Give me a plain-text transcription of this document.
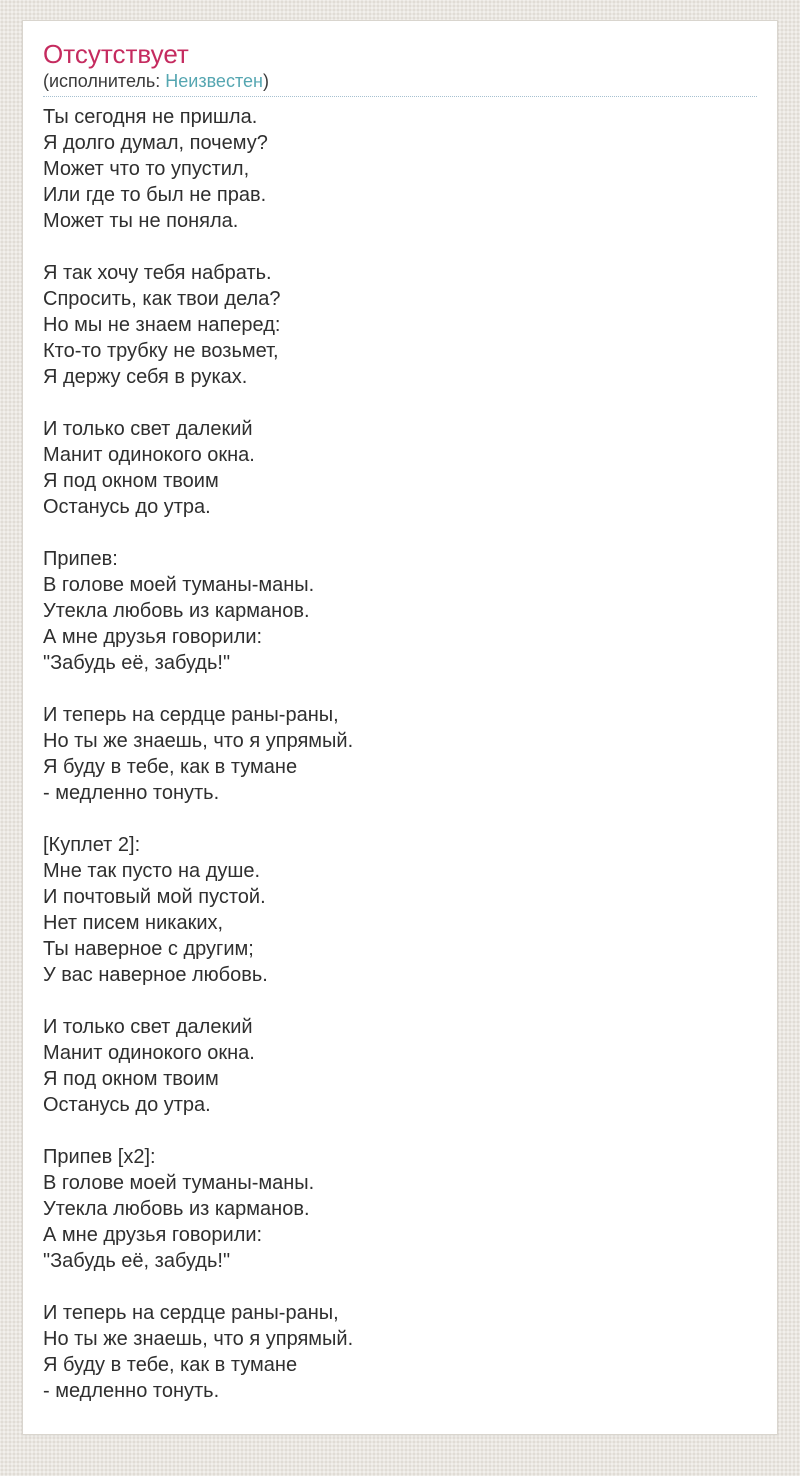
Отсутствует
(исполнитель: Неизвестен)
Ты сегодня не пришла.
Я долго думал, почему?
Может что то упустил,
Или где то был не прав.
Может ты не поняла.
Я так хочу тебя набрать.
Спросить, как твои дела?
Но мы не знаем наперед:
Кто-то трубку не возьмет,
Я держу себя в руках.
И только свет далекий
Манит одинокого окна.
Я под окном твоим
Останусь до утра.
Припев:
В голове моей туманы-маны.
Утекла любовь из карманов.
А мне друзья говорили:
"Забудь её, забудь!"
И теперь на сердце раны-раны,
Но ты же знаешь, что я упрямый.
Я буду в тебе, как в тумане
- медленно тонуть.
[Куплет 2]:
Мне так пусто на душе.
И почтовый мой пустой.
Нет писем никаких,
Ты наверное с другим;
У вас наверное любовь.
И только свет далекий
Манит одинокого окна.
Я под окном твоим
Останусь до утра.
Припев [x2]:
В голове моей туманы-маны.
Утекла любовь из карманов.
А мне друзья говорили:
"Забудь её, забудь!"
И теперь на сердце раны-раны,
Но ты же знаешь, что я упрямый.
Я буду в тебе, как в тумане
- медленно тонуть.
